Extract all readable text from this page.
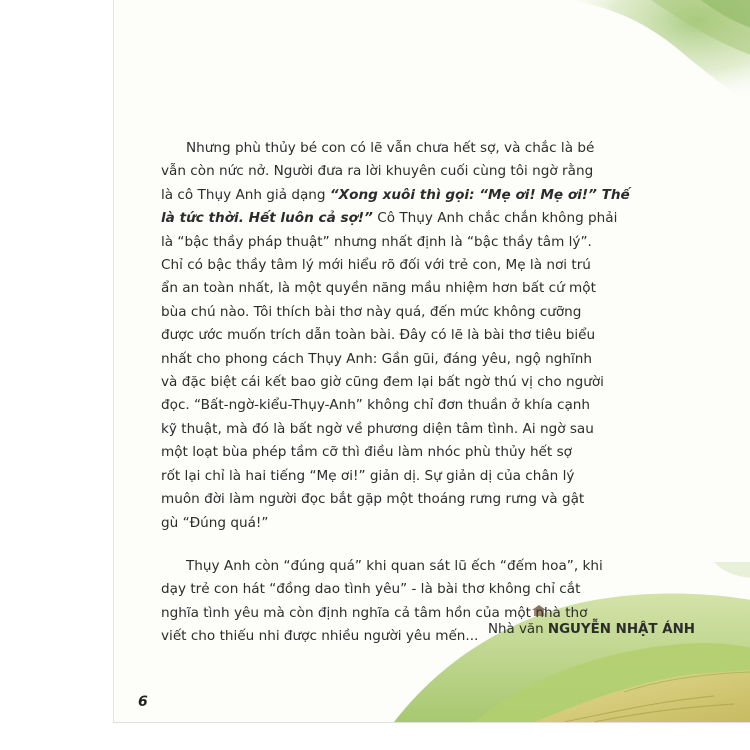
Nhưng phù thủy bé con có lẽ vẫn chưa hết sợ, và chắc là bé
vẫn còn nức nở. Người đưa ra lời khuyên cuối cùng tôi ngờ rằng
là cô Thụy Anh giả dạng “Xong xuôi thì gọi: “Mẹ ơi! Mẹ ơi!” Thế
là tức thời. Hết luôn cả sợ!” Cô Thụy Anh chắc chắn không phải
là “bậc thầy pháp thuật” nhưng nhất định là “bậc thầy tâm lý”.
Chỉ có bậc thầy tâm lý mới hiểu rõ đối với trẻ con, Mẹ là nơi trú
ẩn an toàn nhất, là một quyền năng mầu nhiệm hơn bất cứ một
bùa chú nào. Tôi thích bài thơ này quá, đến mức không cưỡng
được ước muốn trích dẫn toàn bài. Đây có lẽ là bài thơ tiêu biểu
nhất cho phong cách Thụy Anh: Gần gũi, đáng yêu, ngộ nghĩnh
và đặc biệt cái kết bao giờ cũng đem lại bất ngờ thú vị cho người
đọc. “Bất-ngờ-kiểu-Thụy-Anh” không chỉ đơn thuần ở khía cạnh
kỹ thuật, mà đó là bất ngờ về phương diện tâm tình. Ai ngờ sau
một loạt bùa phép tầm cỡ thì điều làm nhóc phù thủy hết sợ
rốt lại chỉ là hai tiếng “Mẹ ơi!” giản dị. Sự giản dị của chân lý
muôn đời làm người đọc bắt gặp một thoáng rưng rưng và gật
gù “Đúng quá!”

Thụy Anh còn “đúng quá” khi quan sát lũ ếch “đếm hoa”, khi
dạy trẻ con hát “đồng dao tình yêu” - là bài thơ không chỉ cắt
nghĩa tình yêu mà còn định nghĩa cả tâm hồn của một nhà thơ
viết cho thiếu nhi được nhiều người yêu mến... Nhà văn NGUYỄN NHẬT ÁNH
6
